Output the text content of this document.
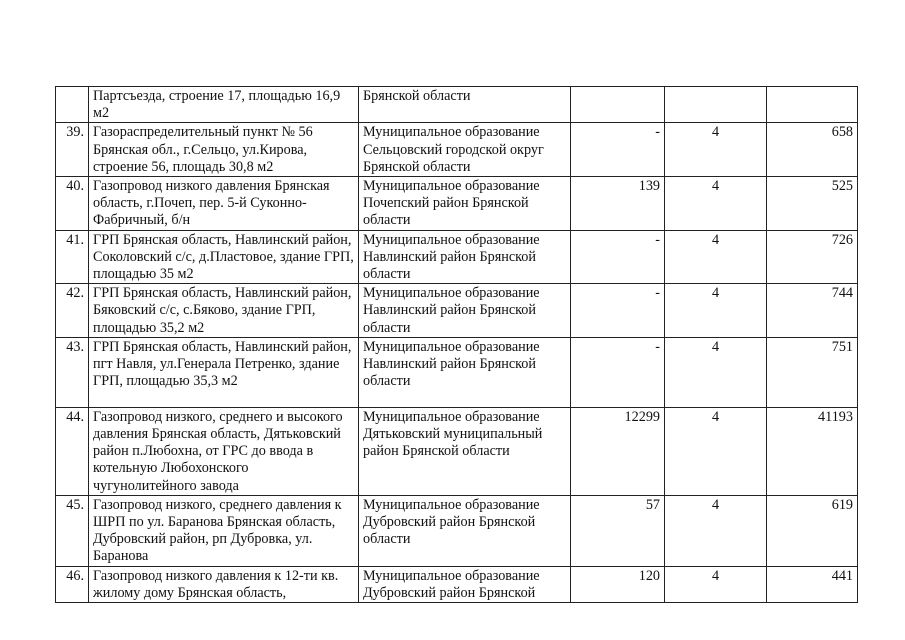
	Партсъезда, строение 17, площадью 16,9 м2	Брянской области			
39.	Газораспределительный пункт № 56 Брянская обл., г.Сельцо, ул.Кирова, строение 56, площадь 30,8 м2	Муниципальное образование Сельцовский городской округ Брянской области	-	4	658
40.	Газопровод низкого давления Брянская область, г.Почеп, пер. 5-й Суконно-Фабричный, б/н	Муниципальное образование Почепский район Брянской области	139	4	525
41.	ГРП Брянская область, Навлинский район, Соколовский с/с, д.Пластовое, здание ГРП, площадью 35 м2	Муниципальное образование Навлинский район Брянской области	-	4	726
42.	ГРП Брянская область, Навлинский район, Бяковский с/с, с.Бяково, здание ГРП, площадью 35,2 м2	Муниципальное образование Навлинский район Брянской области	-	4	744
43.	ГРП Брянская область, Навлинский район, пгт Навля, ул.Генерала Петренко, здание ГРП, площадью 35,3 м2	Муниципальное образование Навлинский район Брянской области	-	4	751
44.	Газопровод низкого, среднего и высокого давления Брянская область, Дятьковский район п.Любохна, от ГРС до ввода в котельную Любохонского чугунолитейного завода	Муниципальное образование Дятьковский муниципальный район Брянской области	12299	4	41193
45.	Газопровод низкого, среднего давления к ШРП по ул. Баранова Брянская область, Дубровский район, рп Дубровка, ул. Баранова	Муниципальное образование Дубровский район Брянской области	57	4	619
46.	Газопровод низкого давления к 12-ти кв. жилому дому Брянская область,	Муниципальное образование Дубровский район Брянской	120	4	441
